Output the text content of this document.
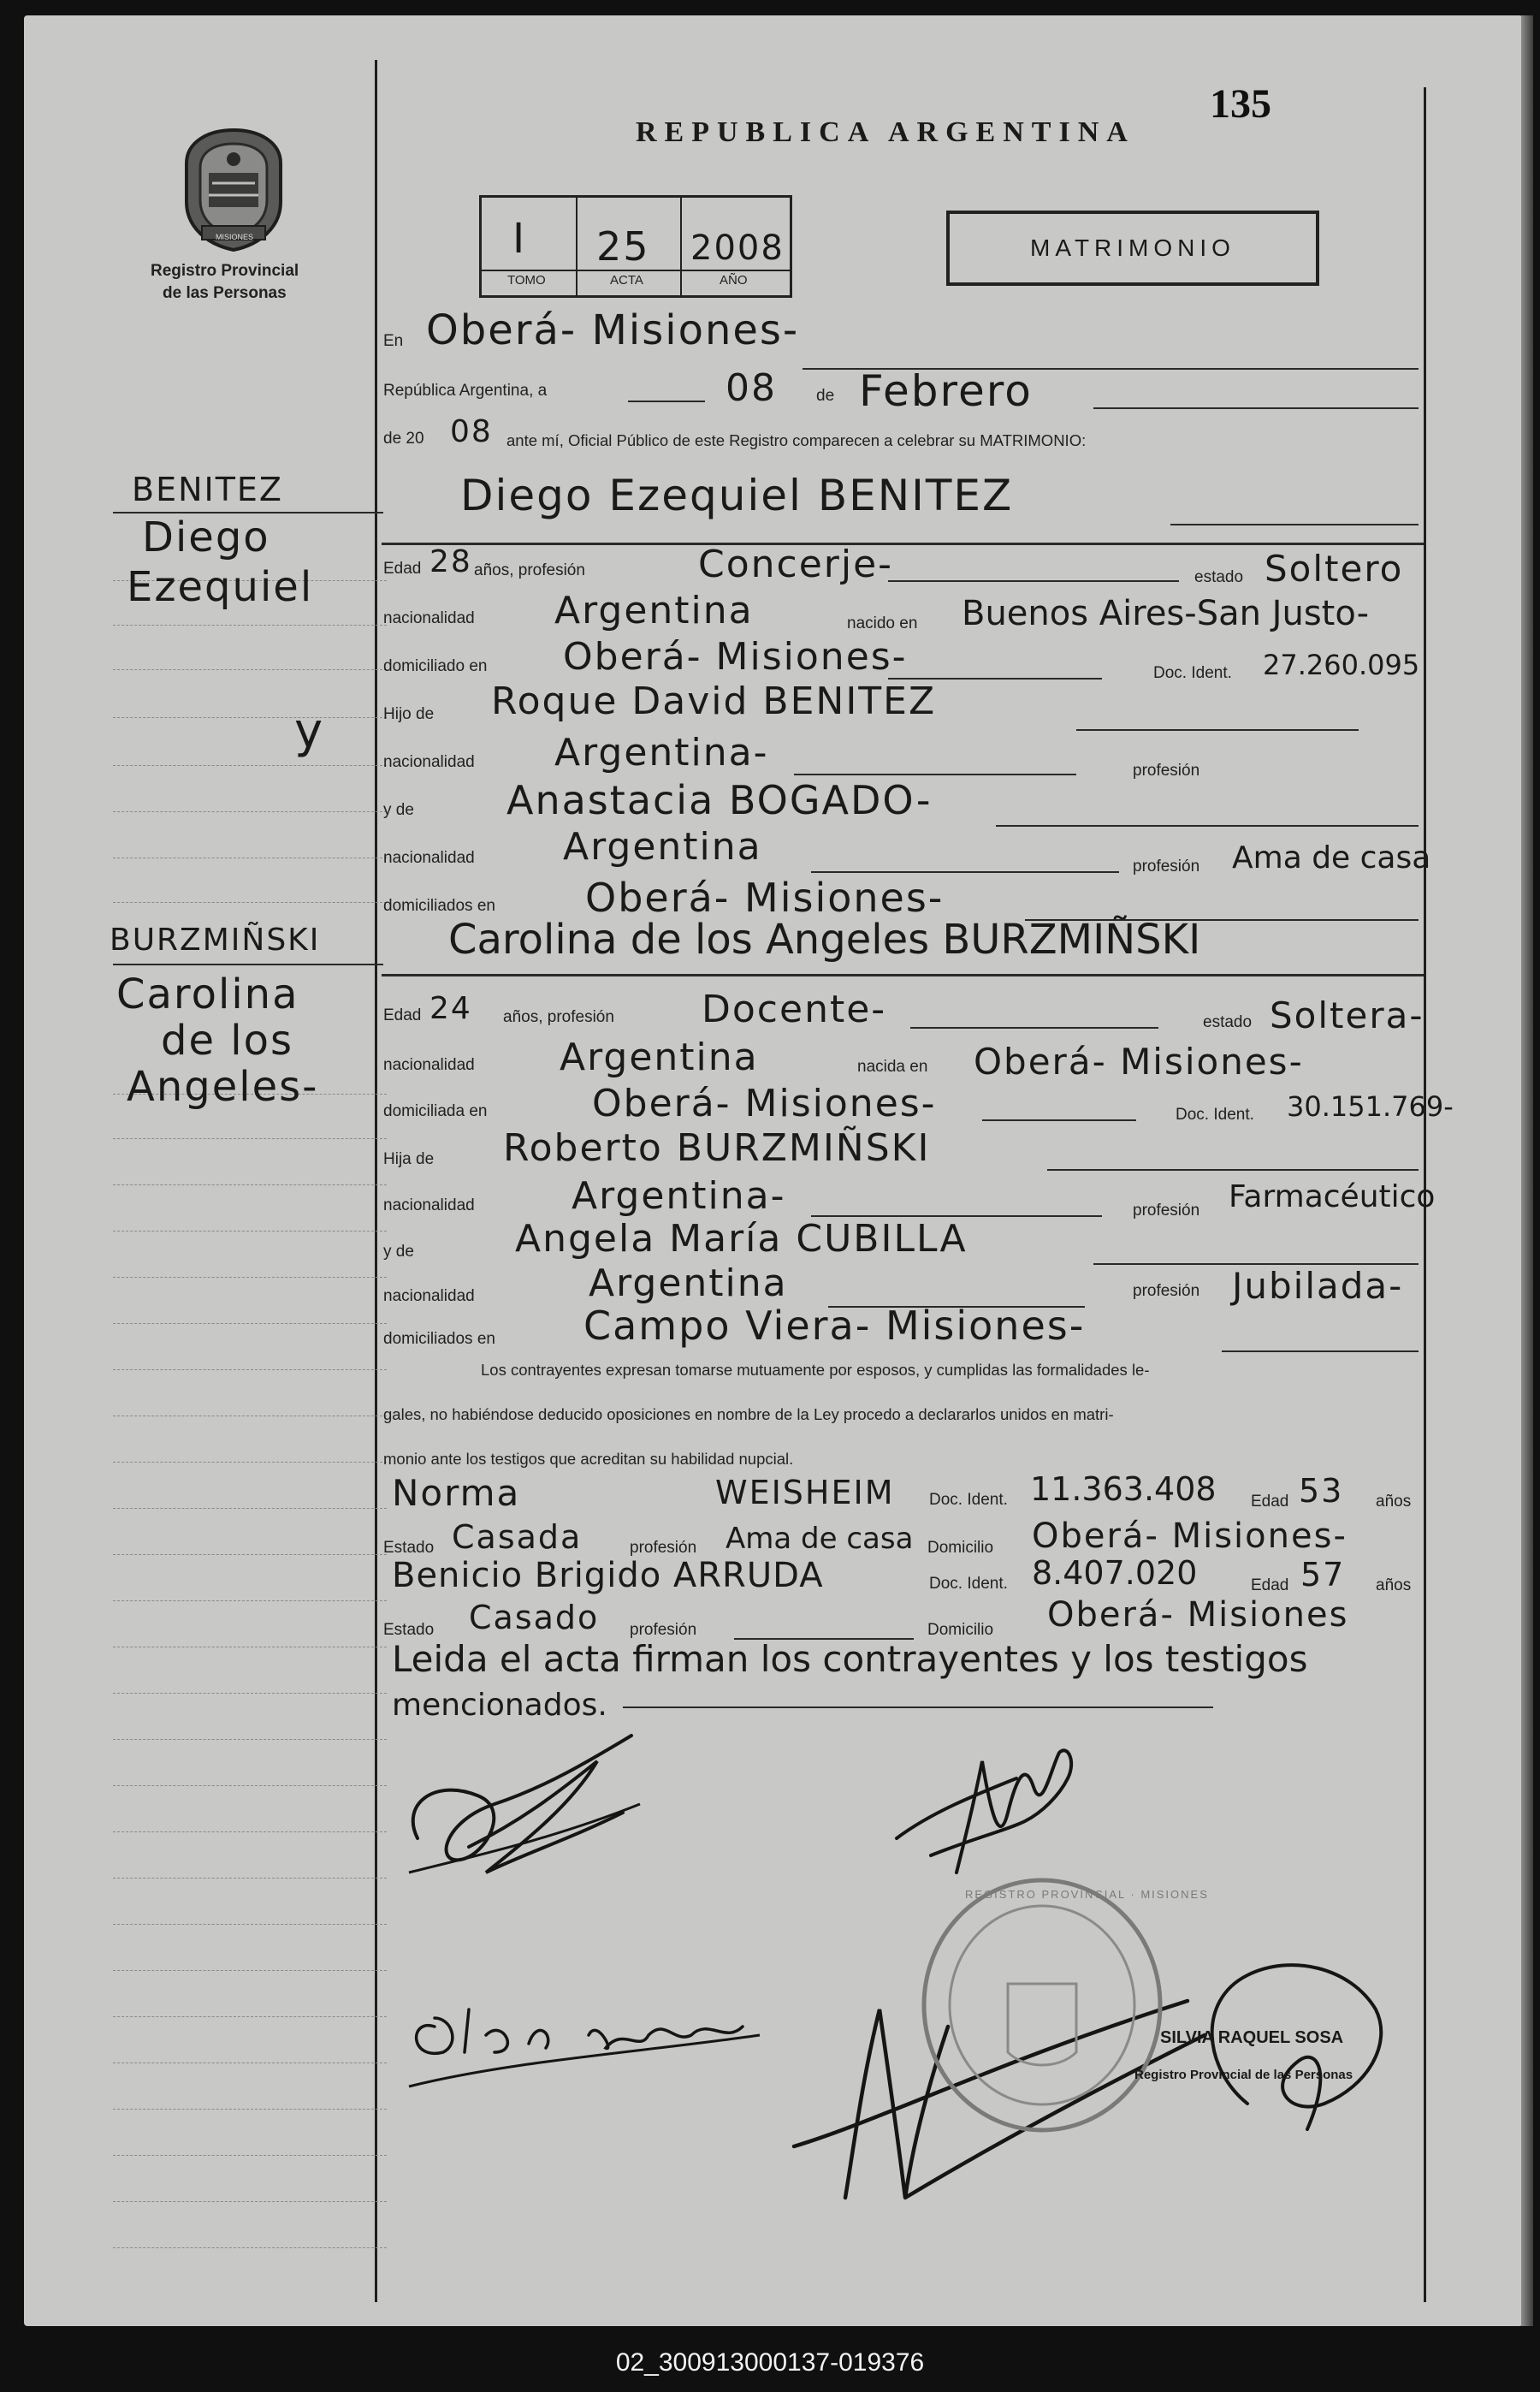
MISIONES
Registro Provincial
de las Personas
REPUBLICA ARGENTINA
135
I 25 2008
TOMO	ACTA	AÑO
MATRIMONIO
En Oberá- Misiones-
República Argentina, a	08 de Febrero
de 20 08 ante mí, Oficial Público de este Registro comparecen a celebrar su MATRIMONIO:
BENITEZ
Diego
Ezequiel
y
BURZMIÑSKI
Carolina
de los
Angeles-
Diego Ezequiel BENITEZ
Edad 28 años, profesión	Concerje-	estado Soltero
nacionalidad Argentina	nacido en Buenos Aires-San Justo-
domiciliado en Oberá- Misiones-	Doc. Ident. 27.260.095
Hijo de Roque David BENITEZ
nacionalidad Argentina-	profesión
y de Anastacia BOGADO-
nacionalidad Argentina	profesión Ama de casa
domiciliados en Oberá- Misiones-
Carolina de los Angeles BURZMIÑSKI
Edad 24 años, profesión Docente-	estado Soltera-
nacionalidad Argentina	nacida en Oberá- Misiones-
domiciliada en	Oberá- Misiones-	Doc. Ident. 30.151.769-
Hija de Roberto BURZMIÑSKI
nacionalidad	Argentina-	profesión Farmacéutico
y de	Angela María CUBILLA
nacionalidad	Argentina	profesión Jubilada-
domiciliados en Campo Viera- Misiones-
Los contrayentes expresan tomarse mutuamente por esposos, y cumplidas las formalidades le-
gales, no habiéndose deducido oposiciones en nombre de la Ley procedo a declararlos unidos en matri-
monio ante los testigos que acreditan su habilidad nupcial.
Norma	WEISHEIM Doc. Ident. 11.363.408 Edad 53 años
Estado Casada	profesión Ama de casa Domicilio Oberá- Misiones-
Benicio Brigido ARRUDA	Doc. Ident. 8.407.020	Edad 57 años
Estado Casado profesión	Domicilio Oberá- Misiones
Leida el acta firman los contrayentes y los testigos
mencionados.
REGISTRO PROVINCIAL · MISIONES
SILVIA RAQUEL SOSA
Registro Provincial de las Personas
02_300913000137-019376
